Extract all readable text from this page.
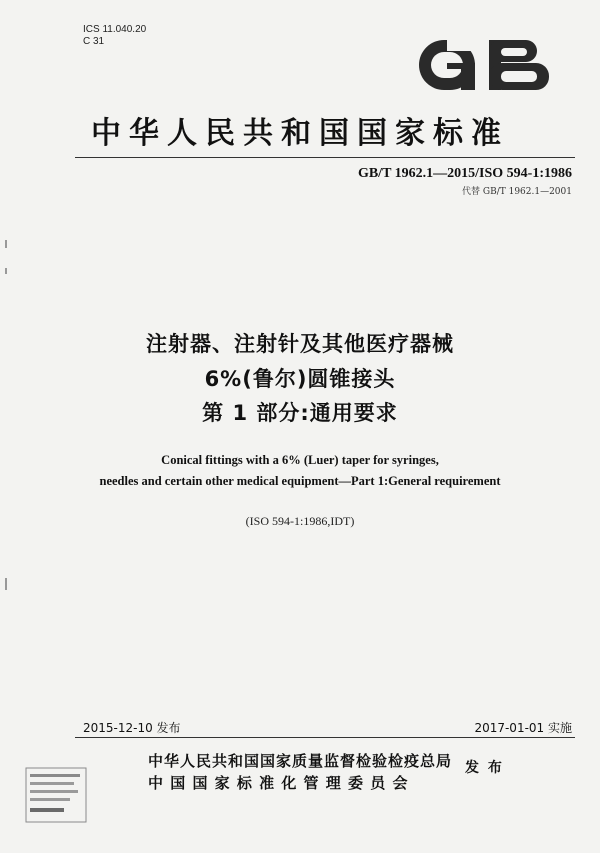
ICS 11.040.20
C 31
中华人民共和国国家标准
GB/T 1962.1—2015/ISO 594-1:1986
代替 GB/T 1962.1—2001
注射器、注射针及其他医疗器械
6%(鲁尔)圆锥接头
第 1 部分:通用要求
Conical fittings with a 6% (Luer) taper for syringes,
needles and certain other medical equipment—Part 1:General requirement
(ISO 594-1:1986,IDT)
2015-12-10 发布	2017-01-01 实施
中华人民共和国国家质量监督检验检疫总局
中 国 国 家 标 准 化 管 理 委 员 会
发 布
